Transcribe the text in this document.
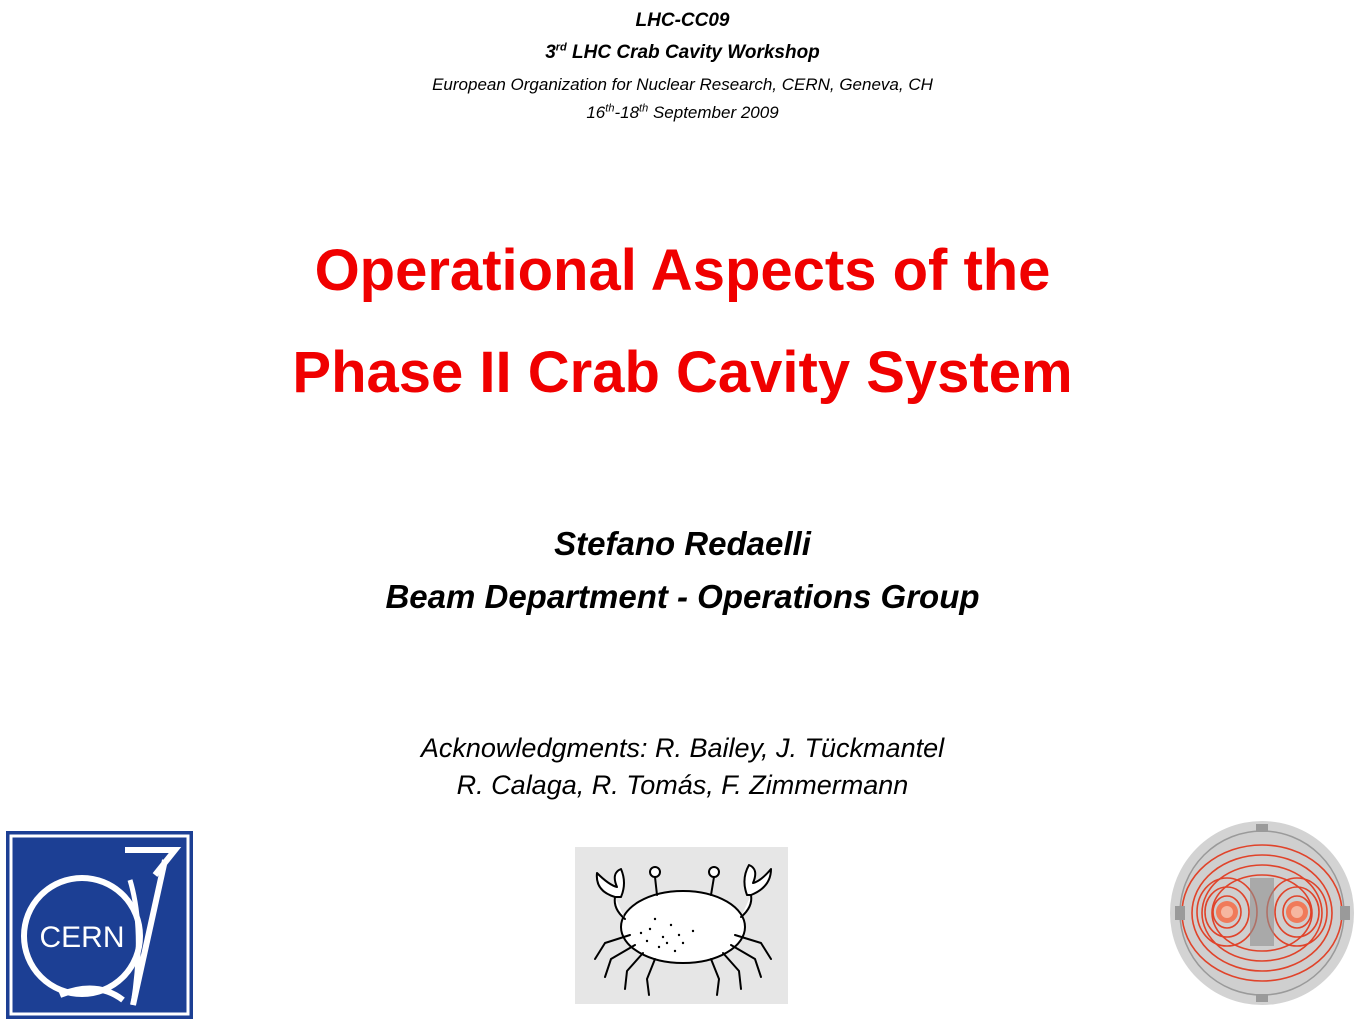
LHC-CC09
3rd LHC Crab Cavity Workshop
European Organization for Nuclear Research, CERN, Geneva, CH
16th-18th September 2009
Operational Aspects of the
Phase II Crab Cavity System
Stefano Redaelli
Beam Department - Operations Group
Acknowledgments: R. Bailey, J. Tückmantel
R. Calaga, R. Tomás, F. Zimmermann
CERN
